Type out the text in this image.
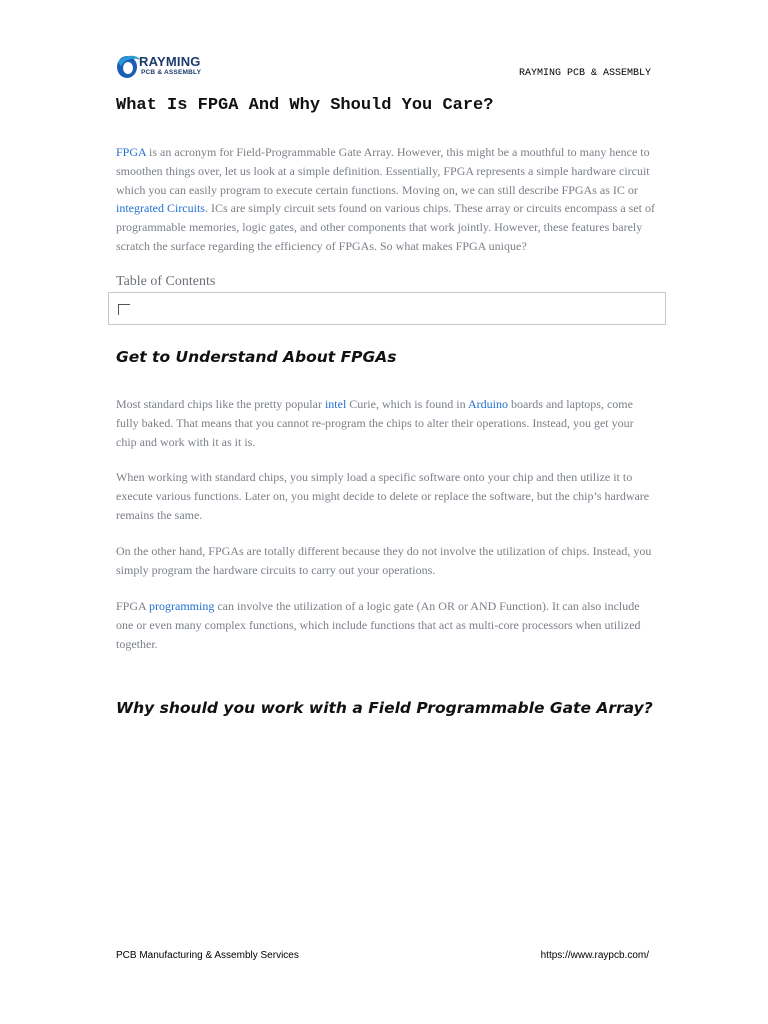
RAYMING
PCB & ASSEMBLY	RAYMING PCB & ASSEMBLY
What Is FPGA And Why Should You Care?

FPGA is an acronym for Field-Programmable Gate Array. However, this might be a mouthful to many hence to smoothen things over, let us look at a simple definition. Essentially, FPGA represents a simple hardware circuit which you can easily program to execute certain functions. Moving on, we can still describe FPGAs as IC or integrated Circuits. ICs are simply circuit sets found on various chips. These array or circuits encompass a set of programmable memories, logic gates, and other components that work jointly. However, these features barely scratch the surface regarding the efficiency of FPGAs. So what makes FPGA unique?

Table of Contents
Get to Understand About FPGAs

Most standard chips like the pretty popular intel Curie, which is found in Arduino boards and laptops, come fully baked. That means that you cannot re-program the chips to alter their operations. Instead, you get your chip and work with it as it is.

When working with standard chips, you simply load a specific software onto your chip and then utilize it to execute various functions. Later on, you might decide to delete or replace the software, but the chip’s hardware remains the same.

On the other hand, FPGAs are totally different because they do not involve the utilization of chips. Instead, you simply program the hardware circuits to carry out your operations.

FPGA programming can involve the utilization of a logic gate (An OR or AND Function). It can also include one or even many complex functions, which include functions that act as multi-core processors when utilized together.

Why should you work with a Field Programmable Gate Array?
PCB Manufacturing & Assembly Services	https://www.raypcb.com/
